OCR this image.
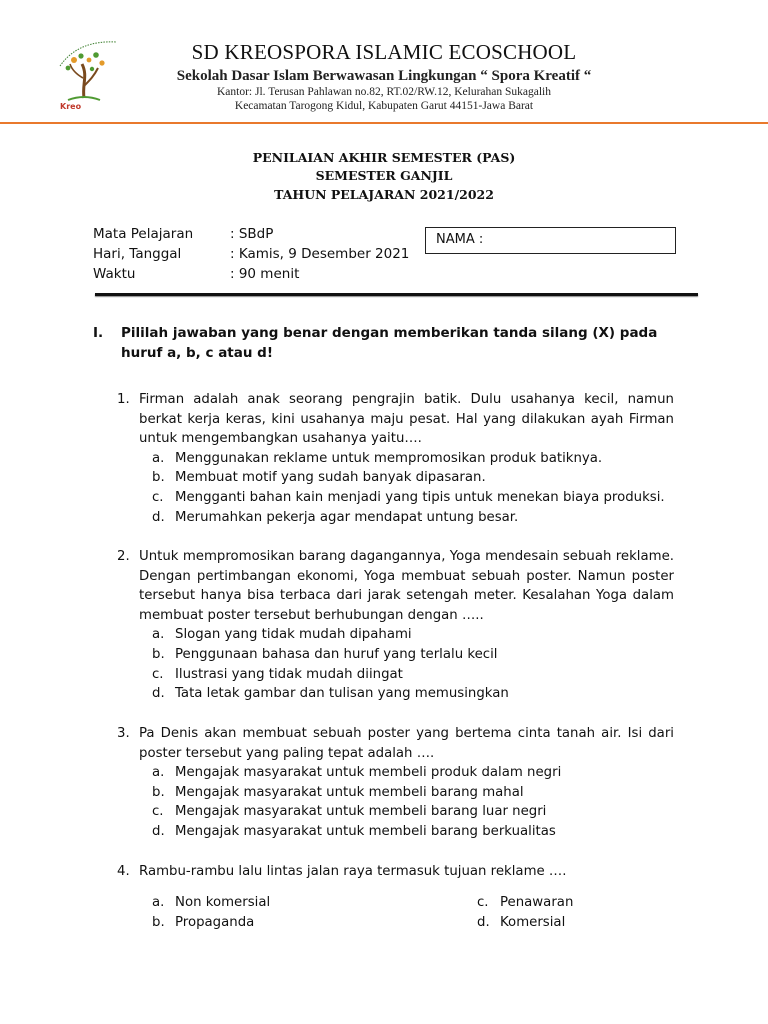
Kreo
SD KREOSPORA ISLAMIC ECOSCHOOL
Sekolah Dasar Islam Berwawasan Lingkungan “ Spora Kreatif “
Kantor: Jl. Terusan Pahlawan no.82, RT.02/RW.12, Kelurahan Sukagalih
Kecamatan Tarogong Kidul, Kabupaten Garut 44151-Jawa Barat
PENILAIAN AKHIR SEMESTER (PAS)
SEMESTER GANJIL
TAHUN PELAJARAN 2021/2022
Mata Pelajaran	: SBdP
Hari, Tanggal	: Kamis, 9 Desember 2021
Waktu	: 90 menit
NAMA :
I. Pililah jawaban yang benar dengan memberikan tanda silang (X) pada huruf a, b, c atau d!
1. Firman adalah anak seorang pengrajin batik. Dulu usahanya kecil, namun berkat kerja keras, kini usahanya maju pesat. Hal yang dilakukan ayah Firman untuk mengembangkan usahanya yaitu….
a. Menggunakan reklame untuk mempromosikan produk batiknya.
b. Membuat motif yang sudah banyak dipasaran.
c. Mengganti bahan kain menjadi yang tipis untuk menekan biaya produksi.
d. Merumahkan pekerja agar mendapat untung besar.
2. Untuk mempromosikan barang dagangannya, Yoga mendesain sebuah reklame. Dengan pertimbangan ekonomi, Yoga membuat sebuah poster. Namun poster tersebut hanya bisa terbaca dari jarak setengah meter. Kesalahan Yoga dalam membuat poster tersebut berhubungan dengan …..
a. Slogan yang tidak mudah dipahami
b. Penggunaan bahasa dan huruf yang terlalu kecil
c. Ilustrasi yang tidak mudah diingat
d. Tata letak gambar dan tulisan yang memusingkan
3. Pa Denis akan membuat sebuah poster yang bertema cinta tanah air. Isi dari poster tersebut yang paling tepat adalah ….
a. Mengajak masyarakat untuk membeli produk dalam negri
b. Mengajak masyarakat untuk membeli barang mahal
c. Mengajak masyarakat untuk membeli barang luar negri
d. Mengajak masyarakat untuk membeli barang berkualitas
4. Rambu-rambu lalu lintas jalan raya termasuk tujuan reklame ….
a. Non komersial
b. Propaganda
c. Penawaran
d. Komersial
